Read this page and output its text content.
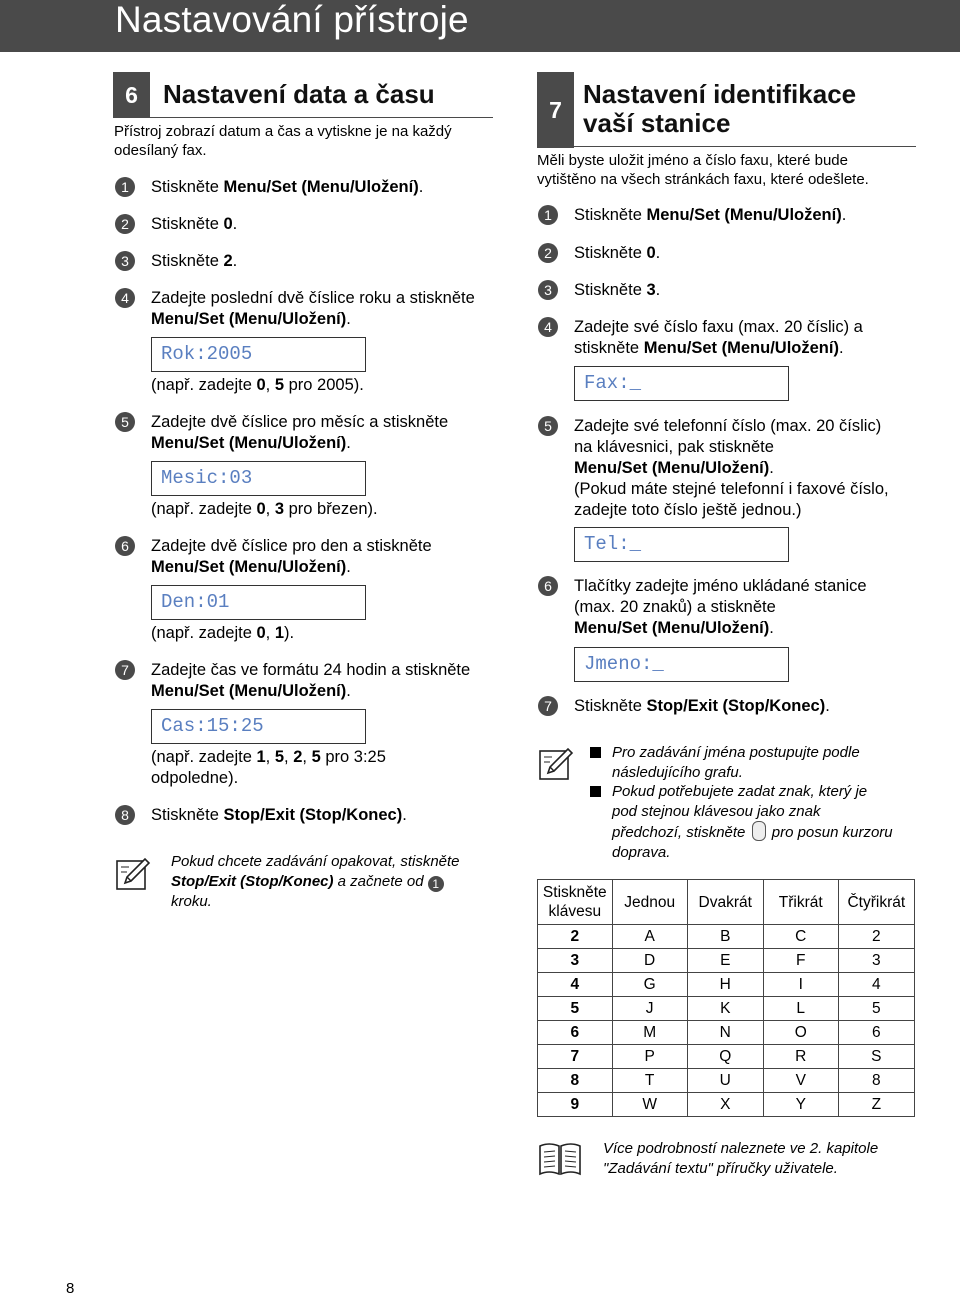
Nastavování přístroje
6 Nastavení data a času
Přístroj zobrazí datum a čas a vytiskne je na každý
odesílaný fax.
1	Stiskněte Menu/Set (Menu/Uložení).
2	Stiskněte 0.
3	Stiskněte 2.
4	Zadejte poslední dvě číslice roku a stiskněte
Menu/Set (Menu/Uložení).
5	Zadejte dvě číslice pro měsíc a stiskněte
Menu/Set (Menu/Uložení).
6	Zadejte dvě číslice pro den a stiskněte
Menu/Set (Menu/Uložení).
7	Zadejte čas ve formátu 24 hodin a stiskněte
Menu/Set (Menu/Uložení).
8	Stiskněte Stop/Exit (Stop/Konec).
Rok:2005
(např. zadejte 0, 5 pro 2005).
Mesic:03
(např. zadejte 0, 3 pro březen).
Den:01
(např. zadejte 0, 1).
Cas:15:25
(např. zadejte 1, 5, 2, 5 pro 3:25
odpoledne).
Pokud chcete zadávání opakovat, stiskněte
Stop/Exit (Stop/Konec) a začnete od 1
kroku.
7
Nastavení identifikace
vaší stanice
Měli byste uložit jméno a číslo faxu, které bude
vytištěno na všech stránkách faxu, které odešlete.
1	Stiskněte Menu/Set (Menu/Uložení).
2	Stiskněte 0.
3	Stiskněte 3.
4	Zadejte své číslo faxu (max. 20 číslic) a
stiskněte Menu/Set (Menu/Uložení).
5	Zadejte své telefonní číslo (max. 20 číslic)
na klávesnici, pak stiskněte
Menu/Set (Menu/Uložení).
(Pokud máte stejné telefonní i faxové číslo,
zadejte toto číslo ještě jednou.)
6	Tlačítky zadejte jméno ukládané stanice
(max. 20 znaků) a stiskněte
Menu/Set (Menu/Uložení).
7	Stiskněte Stop/Exit (Stop/Konec).
Fax:_
Tel:_
Jmeno:_
Pro zadávání jména postupujte podle
následujícího grafu.
Pokud potřebujete zadat znak, který je
pod stejnou klávesou jako znak
předchozí, stiskněte  pro posun kurzoru
doprava.
Stiskněte klávesu	Jednou	Dvakrát	Třikrát	Čtyřikrát
2	A	B	C	2
3	D	E	F	3
4	G	H	I	4
5	J	K	L	5
6	M	N	O	6
7	P	Q	R	S
8	T	U	V	8
9	W	X	Y	Z
Více podrobností naleznete ve 2. kapitole
"Zadávání textu" příručky uživatele.
8
